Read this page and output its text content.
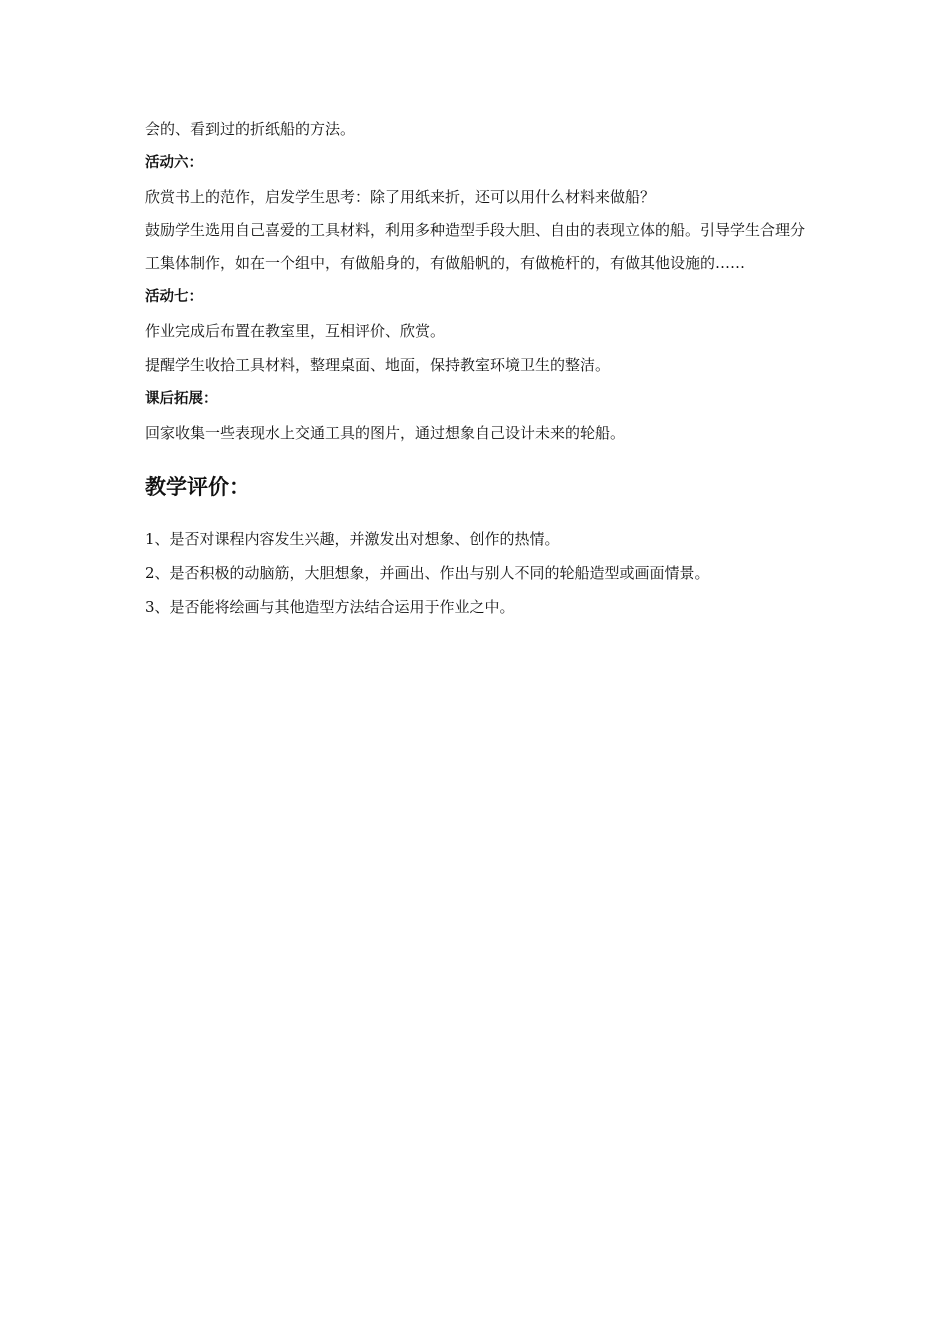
会的、看到过的折纸船的方法。

活动六：

欣赏书上的范作，启发学生思考：除了用纸来折，还可以用什么材料来做船？

鼓励学生选用自己喜爱的工具材料，利用多种造型手段大胆、自由的表现立体的船。引导学生合理分工集体制作，如在一个组中，有做船身的，有做船帆的，有做桅杆的，有做其他设施的……

活动七：

作业完成后布置在教室里，互相评价、欣赏。

提醒学生收拾工具材料，整理桌面、地面，保持教室环境卫生的整洁。

课后拓展：

回家收集一些表现水上交通工具的图片，通过想象自己设计未来的轮船。

教学评价：

1、是否对课程内容发生兴趣，并激发出对想象、创作的热情。

2、是否积极的动脑筋，大胆想象，并画出、作出与别人不同的轮船造型或画面情景。

3、是否能将绘画与其他造型方法结合运用于作业之中。
